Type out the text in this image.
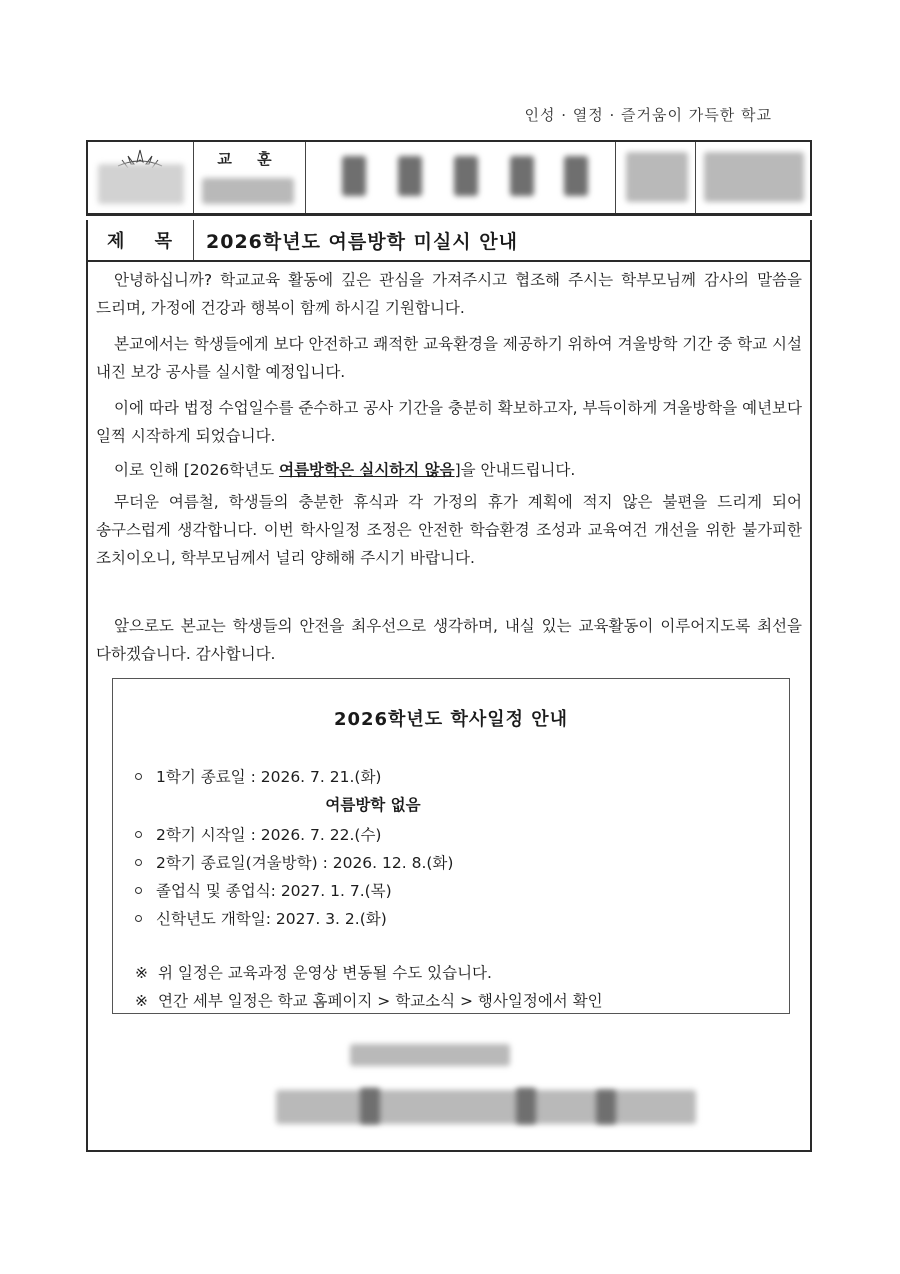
인성 · 열정 · 즐거움이 가득한 학교
교 훈
제 목	2026학년도 여름방학 미실시 안내
안녕하십니까? 학교교육 활동에 깊은 관심을 가져주시고 협조해 주시는 학부모님께 감사의 말씀을 드리며, 가정에 건강과 행복이 함께 하시길 기원합니다.
본교에서는 학생들에게 보다 안전하고 쾌적한 교육환경을 제공하기 위하여 겨울방학 기간 중 학교 시설 내진 보강 공사를 실시할 예정입니다.
이에 따라 법정 수업일수를 준수하고 공사 기간을 충분히 확보하고자, 부득이하게 겨울방학을 예년보다 일찍 시작하게 되었습니다.
이로 인해 [2026학년도 여름방학은 실시하지 않음]을 안내드립니다.
무더운 여름철, 학생들의 충분한 휴식과 각 가정의 휴가 계획에 적지 않은 불편을 드리게 되어 송구스럽게 생각합니다. 이번 학사일정 조정은 안전한 학습환경 조성과 교육여건 개선을 위한 불가피한 조치이오니, 학부모님께서 널리 양해해 주시기 바랍니다.
앞으로도 본교는 학생들의 안전을 최우선으로 생각하며, 내실 있는 교육활동이 이루어지도록 최선을 다하겠습니다. 감사합니다.
2026학년도 학사일정 안내
1학기 종료일 : 2026. 7. 21.(화)
여름방학 없음
2학기 시작일 : 2026. 7. 22.(수)
2학기 종료일(겨울방학) : 2026. 12. 8.(화)
졸업식 및 종업식: 2027. 1. 7.(목)
신학년도 개학일: 2027. 3. 2.(화)
※ 위 일정은 교육과정 운영상 변동될 수도 있습니다.
※ 연간 세부 일정은 학교 홈페이지 > 학교소식 > 행사일정에서 확인
